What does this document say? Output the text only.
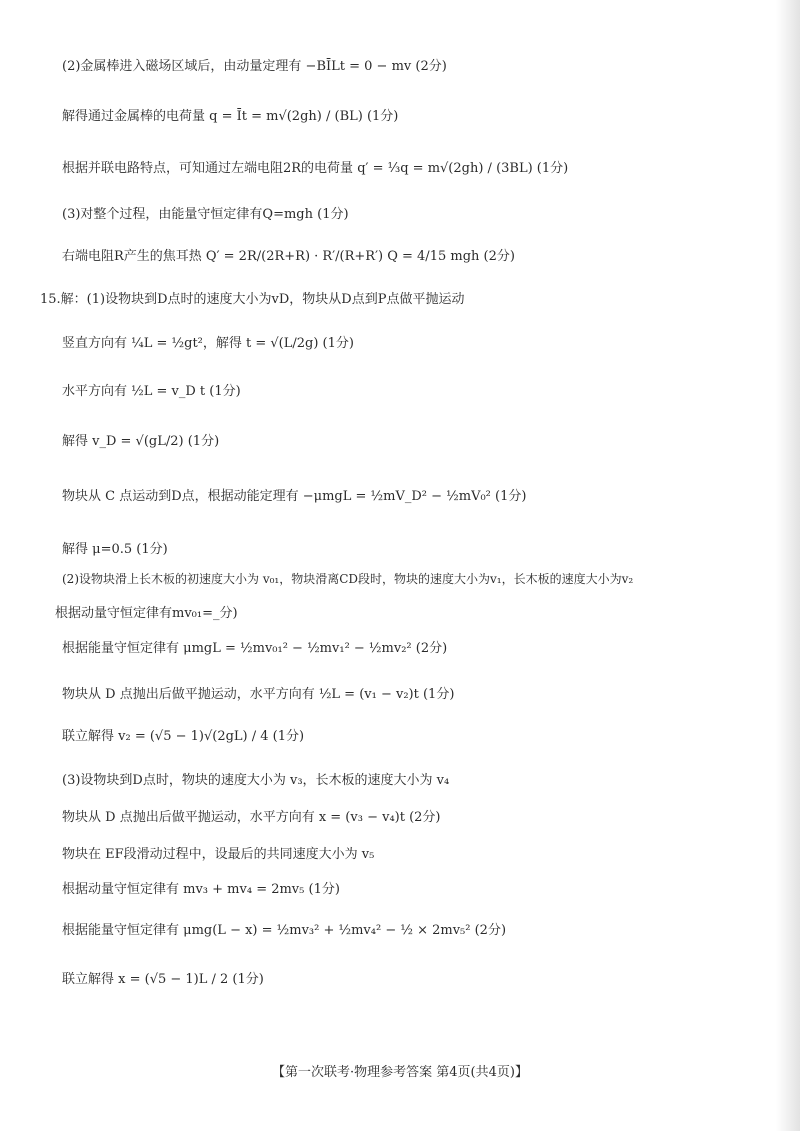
(2)金属棒进入磁场区域后，由动量定理有 −BĪLt = 0 − mv (2分)
解得通过金属棒的电荷量 q = Īt = m√(2gh) / (BL) (1分)
根据并联电路特点，可知通过左端电阻2R的电荷量 q′ = ⅓q = m√(2gh) / (3BL) (1分)
(3)对整个过程，由能量守恒定律有Q=mgh (1分)
右端电阻R产生的焦耳热 Q′ = 2R/(2R+R) · R′/(R+R′) Q = 4/15 mgh (2分)
15.解：(1)设物块到D点时的速度大小为vD，物块从D点到P点做平抛运动
竖直方向有 ¼L = ½gt²，解得 t = √(L/2g) (1分)
水平方向有 ½L = v_D t (1分)
解得 v_D = √(gL/2) (1分)
物块从 C 点运动到D点，根据动能定理有 −μmgL = ½mV_D² − ½mV₀² (1分)
解得 μ=0.5 (1分)
(2)设物块滑上长木板的初速度大小为 v₀₁，物块滑离CD段时，物块的速度大小为v₁，长木板的速度大小为v₂
根据动量守恒定律有mv₀₁=_分)
根据能量守恒定律有 μmgL = ½mv₀₁² − ½mv₁² − ½mv₂² (2分)
物块从 D 点抛出后做平抛运动，水平方向有 ½L = (v₁ − v₂)t (1分)
联立解得 v₂ = (√5 − 1)√(2gL) / 4 (1分)
(3)设物块到D点时，物块的速度大小为 v₃，长木板的速度大小为 v₄
物块从 D 点抛出后做平抛运动，水平方向有 x = (v₃ − v₄)t (2分)
物块在 EF段滑动过程中，设最后的共同速度大小为 v₅
根据动量守恒定律有 mv₃ + mv₄ = 2mv₅ (1分)
根据能量守恒定律有 μmg(L − x) = ½mv₃² + ½mv₄² − ½ × 2mv₅² (2分)
联立解得 x = (√5 − 1)L / 2 (1分)
【第一次联考·物理参考答案 第4页(共4页)】
